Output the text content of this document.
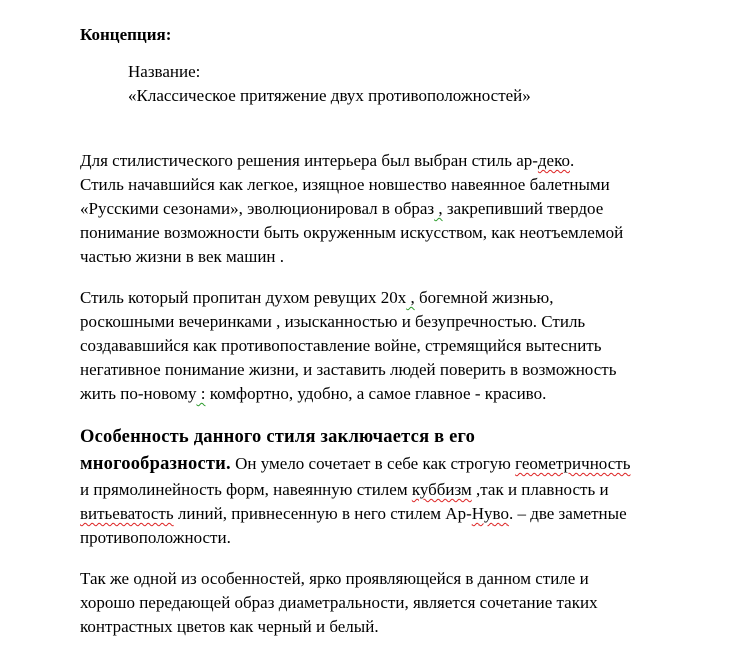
Концепция:
Название:
«Классическое притяжение двух противоположностей»
Для стилистического решения интерьера был выбран стиль ар-деко.
Стиль начавшийся как легкое, изящное новшество навеянное балетными
«Русскими сезонами», эволюционировал в образ , закрепивший твердое
понимание возможности быть окруженным искусством, как неотъемлемой
частью жизни в век машин .
Стиль который пропитан духом ревущих 20х , богемной жизнью,
роскошными вечеринками , изысканностью и безупречностью. Стиль
создававшийся как противопоставление войне, стремящийся вытеснить
негативное понимание жизни, и заставить людей поверить в возможность
жить по-новому : комфортно, удобно, а самое главное - красиво.
Особенность данного стиля заключается в его
многообразности. Он умело сочетает в себе как строгую геометричность
и прямолинейность форм, навеянную стилем куббизм ,так и плавность и
витьеватость линий, привнесенную в него стилем Ар-Нуво. – две заметные
противоположности.
Так же одной из особенностей, ярко проявляющейся в данном стиле и
хорошо передающей образ диаметральности, является сочетание таких
контрастных цветов как черный и белый.
